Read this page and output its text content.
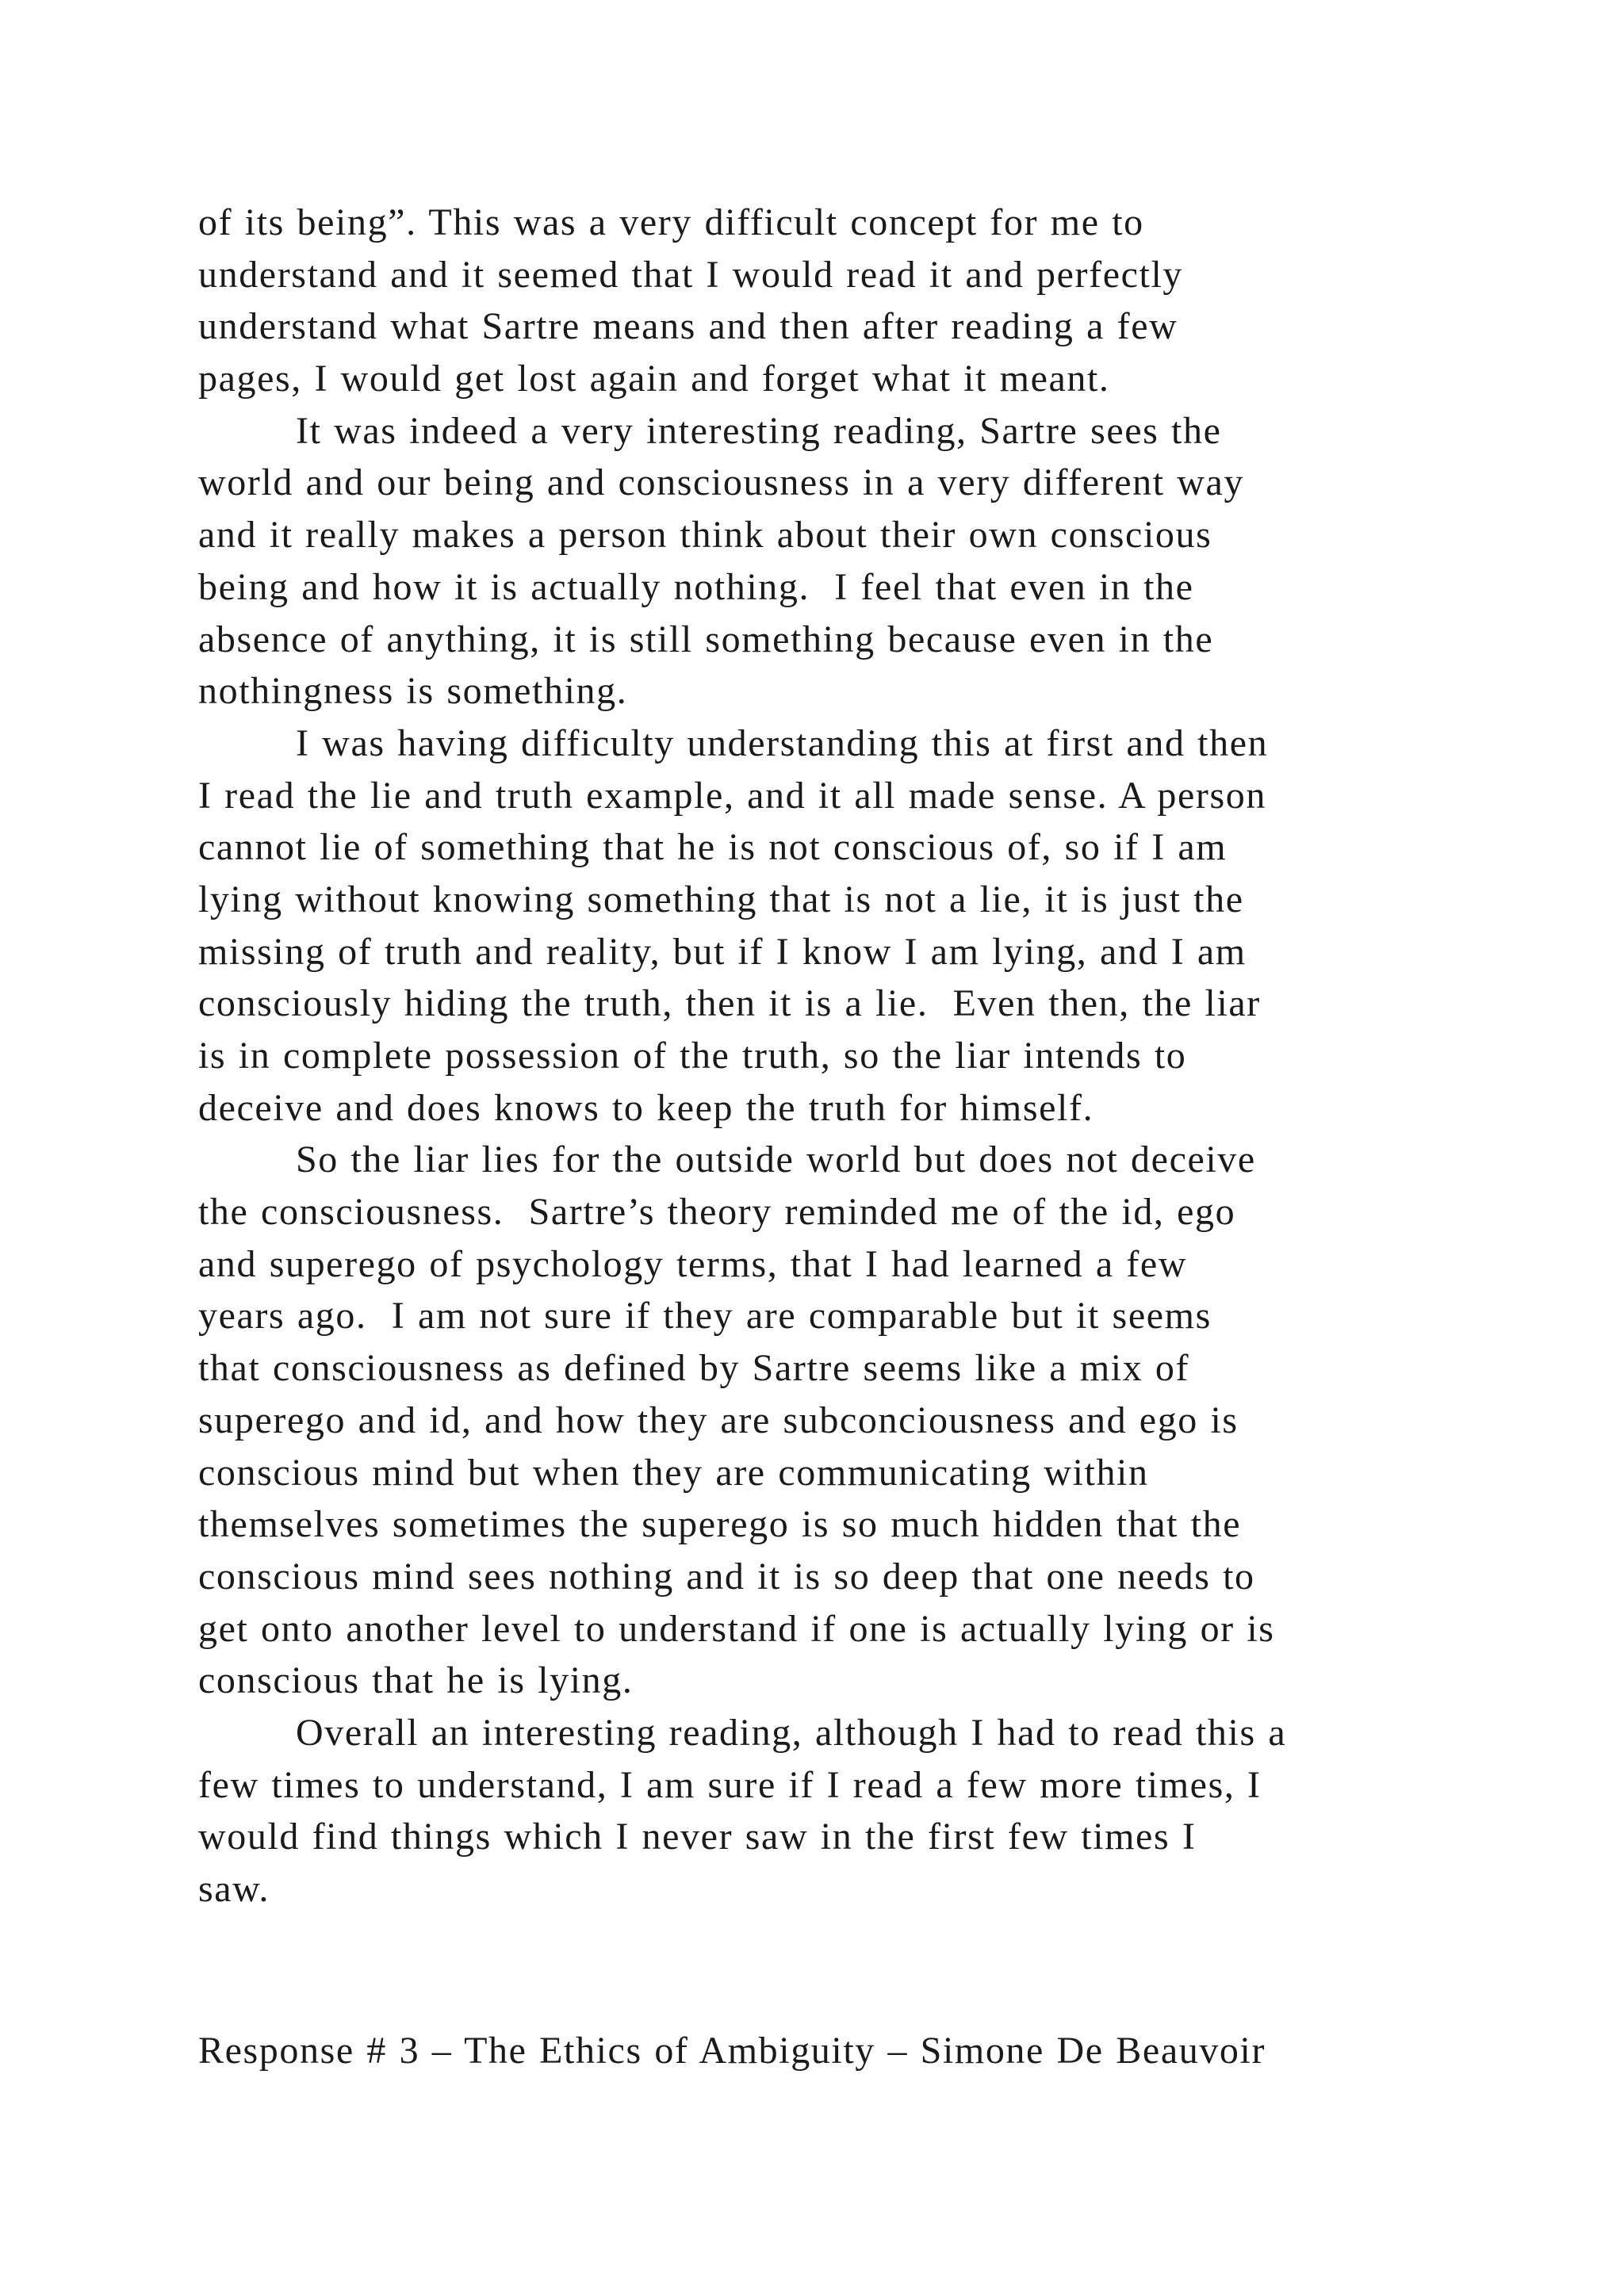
of its being”. This was a very difficult concept for me to
understand and it seemed that I would read it and perfectly
understand what Sartre means and then after reading a few
pages, I would get lost again and forget what it meant.
It was indeed a very interesting reading, Sartre sees the
world and our being and consciousness in a very different way
and it really makes a person think about their own conscious
being and how it is actually nothing.  I feel that even in the
absence of anything, it is still something because even in the
nothingness is something.
I was having difficulty understanding this at first and then
I read the lie and truth example, and it all made sense. A person
cannot lie of something that he is not conscious of, so if I am
lying without knowing something that is not a lie, it is just the
missing of truth and reality, but if I know I am lying, and I am
consciously hiding the truth, then it is a lie.  Even then, the liar
is in complete possession of the truth, so the liar intends to
deceive and does knows to keep the truth for himself.
So the liar lies for the outside world but does not deceive
the consciousness.  Sartre’s theory reminded me of the id, ego
and superego of psychology terms, that I had learned a few
years ago.  I am not sure if they are comparable but it seems
that consciousness as defined by Sartre seems like a mix of
superego and id, and how they are subconciousness and ego is
conscious mind but when they are communicating within
themselves sometimes the superego is so much hidden that the
conscious mind sees nothing and it is so deep that one needs to
get onto another level to understand if one is actually lying or is
conscious that he is lying.
Overall an interesting reading, although I had to read this a
few times to understand, I am sure if I read a few more times, I
would find things which I never saw in the first few times I
saw.
Response # 3 – The Ethics of Ambiguity – Simone De Beauvoir
